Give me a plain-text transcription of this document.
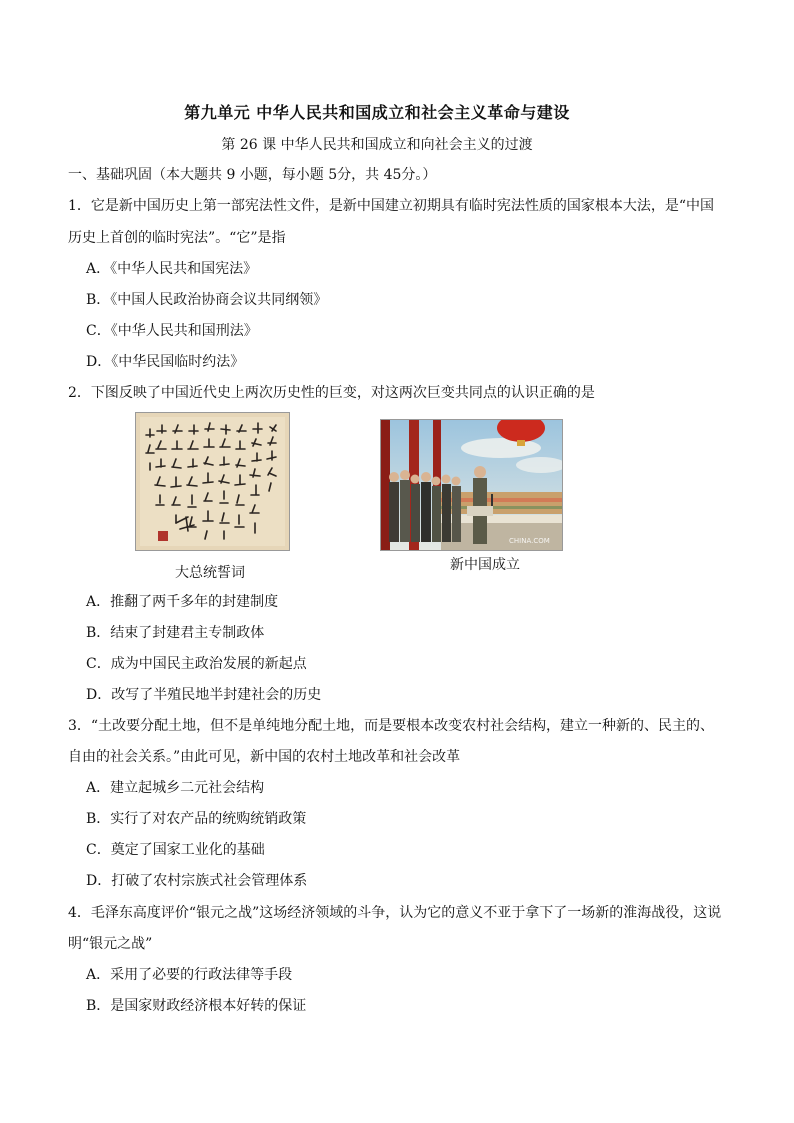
第九单元 中华人民共和国成立和社会主义革命与建设
第 26 课 中华人民共和国成立和向社会主义的过渡
一、基础巩固（本大题共 9 小题，每小题 5分，共 45分。）
1．它是新中国历史上第一部宪法性文件，是新中国建立初期具有临时宪法性质的国家根本大法，是“中国
历史上首创的临时宪法”。“它”是指
A．《中华人民共和国宪法》
B．《中国人民政治协商会议共同纲领》
C．《中华人民共和国刑法》
D．《中华民国临时约法》
2．下图反映了中国近代史上两次历史性的巨变，对这两次巨变共同点的认识正确的是
大总统誓词
CHINA.COM
新中国成立
A．推翻了两千多年的封建制度
B．结束了封建君主专制政体
C．成为中国民主政治发展的新起点
D．改写了半殖民地半封建社会的历史
3．“土改要分配土地，但不是单纯地分配土地，而是要根本改变农村社会结构，建立一种新的、民主的、
自由的社会关系。”由此可见，新中国的农村土地改革和社会改革
A．建立起城乡二元社会结构
B．实行了对农产品的统购统销政策
C．奠定了国家工业化的基础
D．打破了农村宗族式社会管理体系
4．毛泽东高度评价“银元之战”这场经济领域的斗争，认为它的意义不亚于拿下了一场新的淮海战役，这说
明“银元之战”
A．采用了必要的行政法律等手段
B．是国家财政经济根本好转的保证
